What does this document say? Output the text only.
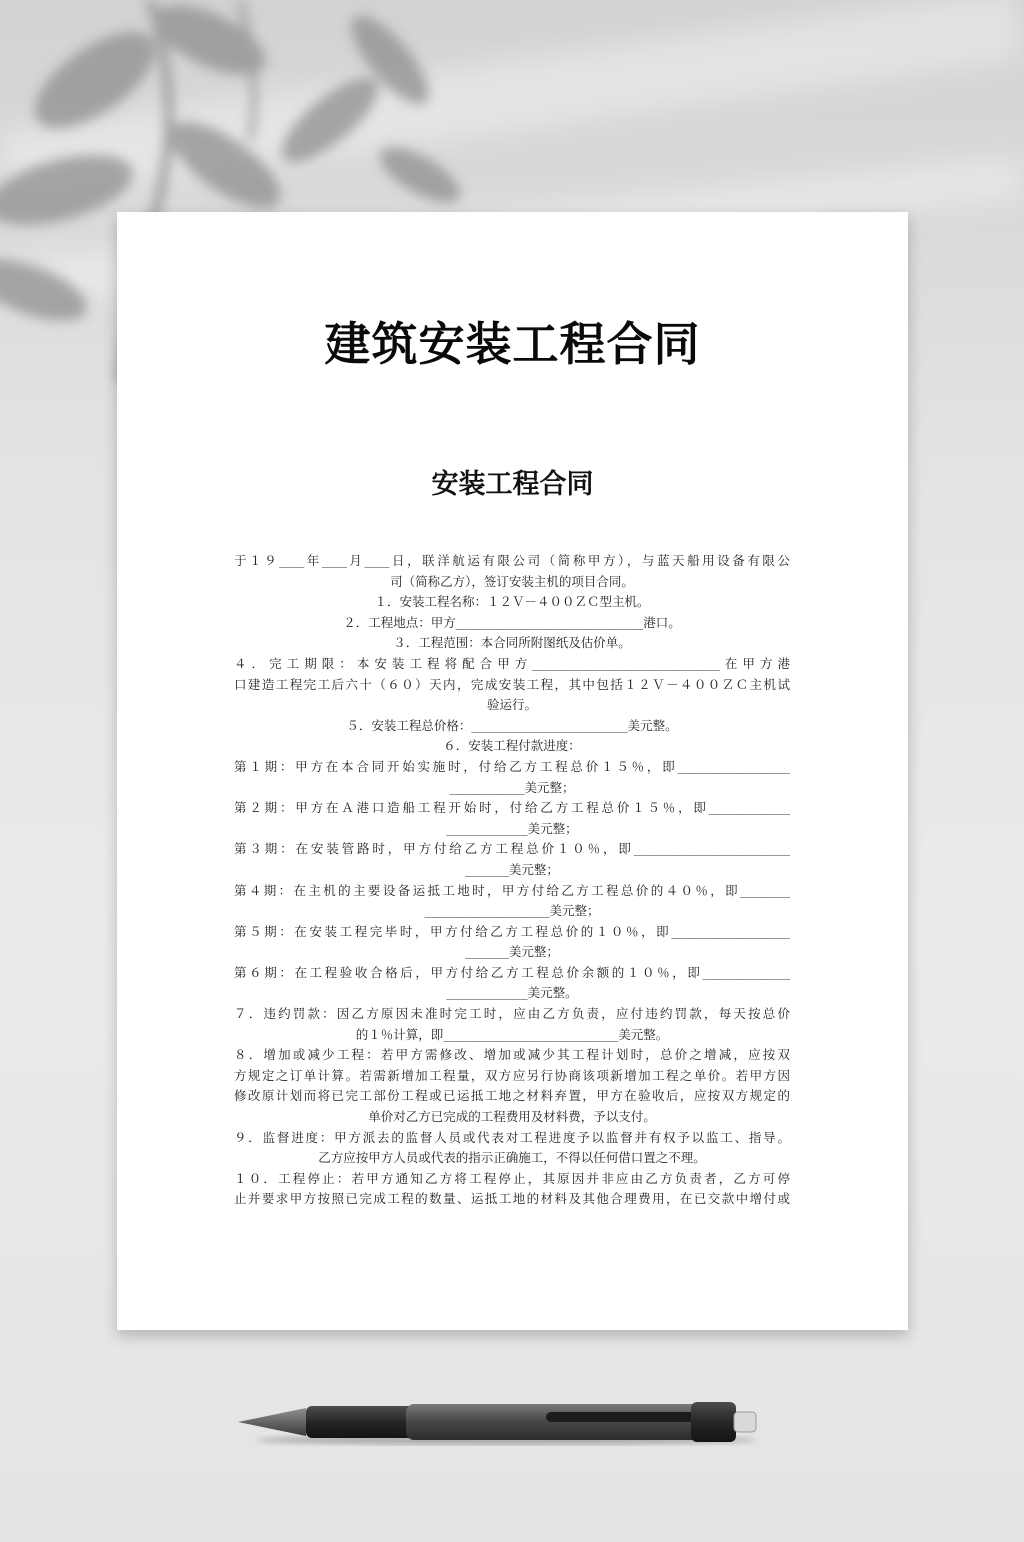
建筑安装工程合同
安装工程合同
于１９____年____月____日，联洋航运有限公司（简称甲方），与蓝天船用设备有限公
司（简称乙方），签订安装主机的项目合同。
１．安装工程名称：１２Ｖ－４００ＺＣ型主机。
２．工程地点：甲方______________________________港口。
３．工程范围：本合同所附图纸及估价单。
４．完工期限：本安装工程将配合甲方______________________________在甲方港
口建造工程完工后六十（６０）天内，完成安装工程，其中包括１２Ｖ－４００ＺＣ主机试
验运行。
５．安装工程总价格：_________________________美元整。
６．安装工程付款进度：
第１期：甲方在本合同开始实施时，付给乙方工程总价１５％，即__________________
____________美元整；
第２期：甲方在Ａ港口造船工程开始时，付给乙方工程总价１５％，即_____________
_____________美元整；
第３期：在安装管路时，甲方付给乙方工程总价１０％，即_________________________
_______美元整；
第４期：在主机的主要设备运抵工地时，甲方付给乙方工程总价的４０％，即________
____________________美元整；
第５期：在安装工程完毕时，甲方付给乙方工程总价的１０％，即___________________
_______美元整；
第６期：在工程验收合格后，甲方付给乙方工程总价余额的１０％，即______________
_____________美元整。
７．违约罚款：因乙方原因未准时完工时，应由乙方负责，应付违约罚款，每天按总价
的１％计算，即____________________________美元整。
８．增加或减少工程：若甲方需修改、增加或减少其工程计划时，总价之增减，应按双
方规定之订单计算。若需新增加工程量，双方应另行协商该项新增加工程之单价。若甲方因
修改原计划而将已完工部份工程或已运抵工地之材料弃置，甲方在验收后，应按双方规定的
单价对乙方已完成的工程费用及材料费，予以支付。
９．监督进度：甲方派去的监督人员或代表对工程进度予以监督并有权予以监工、指导。
乙方应按甲方人员或代表的指示正确施工，不得以任何借口置之不理。
１０．工程停止：若甲方通知乙方将工程停止，其原因并非应由乙方负责者，乙方可停
止并要求甲方按照已完成工程的数量、运抵工地的材料及其他合理费用，在已交款中增付或
